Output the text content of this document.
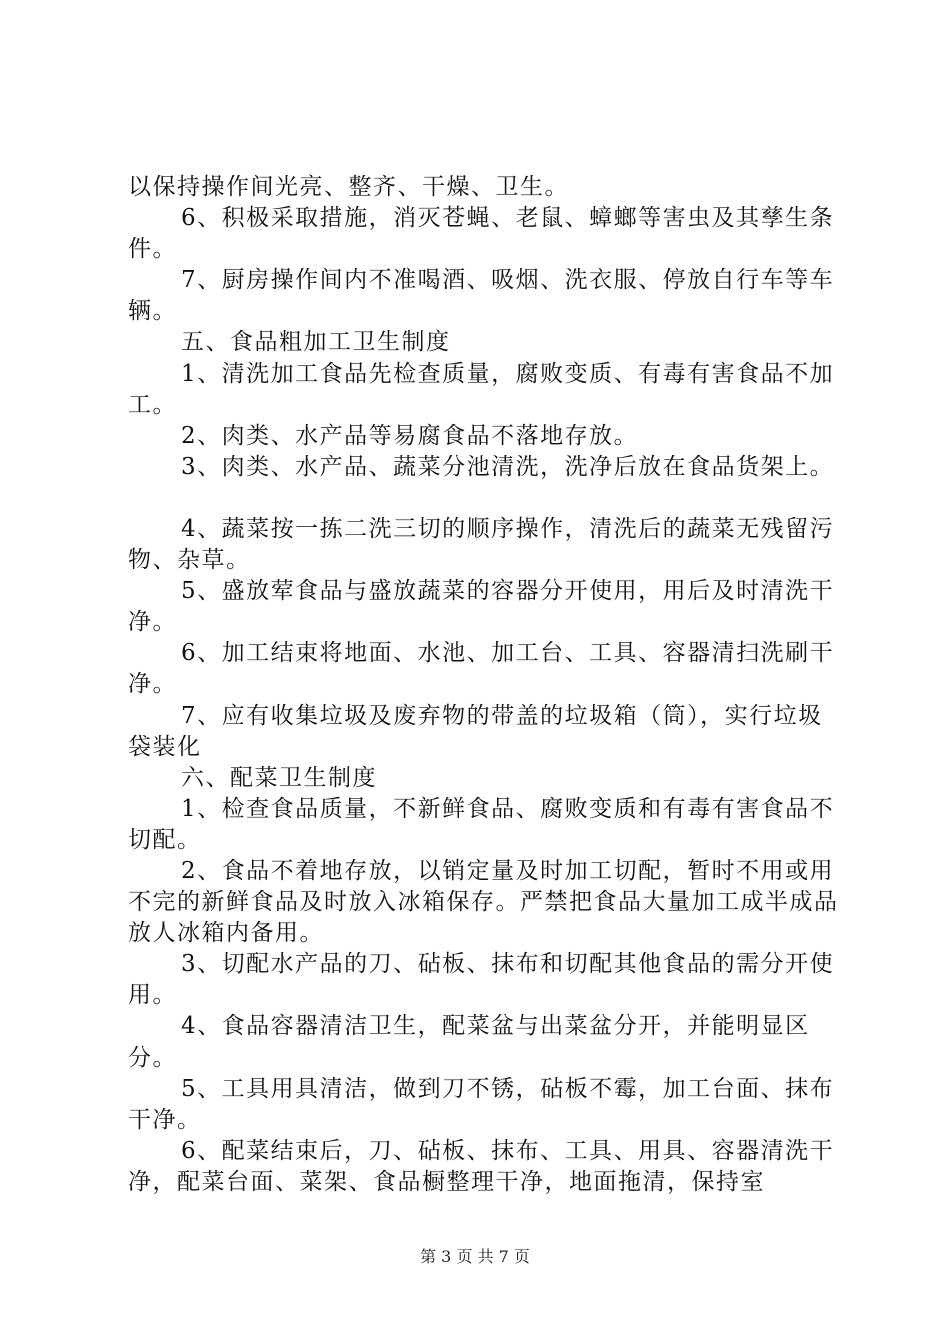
以保持操作间光亮、整齐、干燥、卫生。

6、积极采取措施，消灭苍蝇、老鼠、蟑螂等害虫及其孳生条件。

7、厨房操作间内不准喝酒、吸烟、洗衣服、停放自行车等车辆。

五、食品粗加工卫生制度

1、清洗加工食品先检查质量，腐败变质、有毒有害食品不加工。

2、肉类、水产品等易腐食品不落地存放。

3、肉类、水产品、蔬菜分池清洗，洗净后放在食品货架上。

4、蔬菜按一拣二洗三切的顺序操作，清洗后的蔬菜无残留污物、杂草。

5、盛放荤食品与盛放蔬菜的容器分开使用，用后及时清洗干净。

6、加工结束将地面、水池、加工台、工具、容器清扫洗刷干净。

7、应有收集垃圾及废弃物的带盖的垃圾箱（筒），实行垃圾袋装化

六、配菜卫生制度

1、检查食品质量，不新鲜食品、腐败变质和有毒有害食品不切配。

2、食品不着地存放，以销定量及时加工切配，暂时不用或用不完的新鲜食品及时放入冰箱保存。严禁把食品大量加工成半成品放人冰箱内备用。

3、切配水产品的刀、砧板、抹布和切配其他食品的需分开使用。

4、食品容器清洁卫生，配菜盆与出菜盆分开，并能明显区分。

5、工具用具清洁，做到刀不锈，砧板不霉，加工台面、抹布干净。

6、配菜结束后，刀、砧板、抹布、工具、用具、容器清洗干净，配菜台面、菜架、食品橱整理干净，地面拖清，保持室

第 3 页 共 7 页
